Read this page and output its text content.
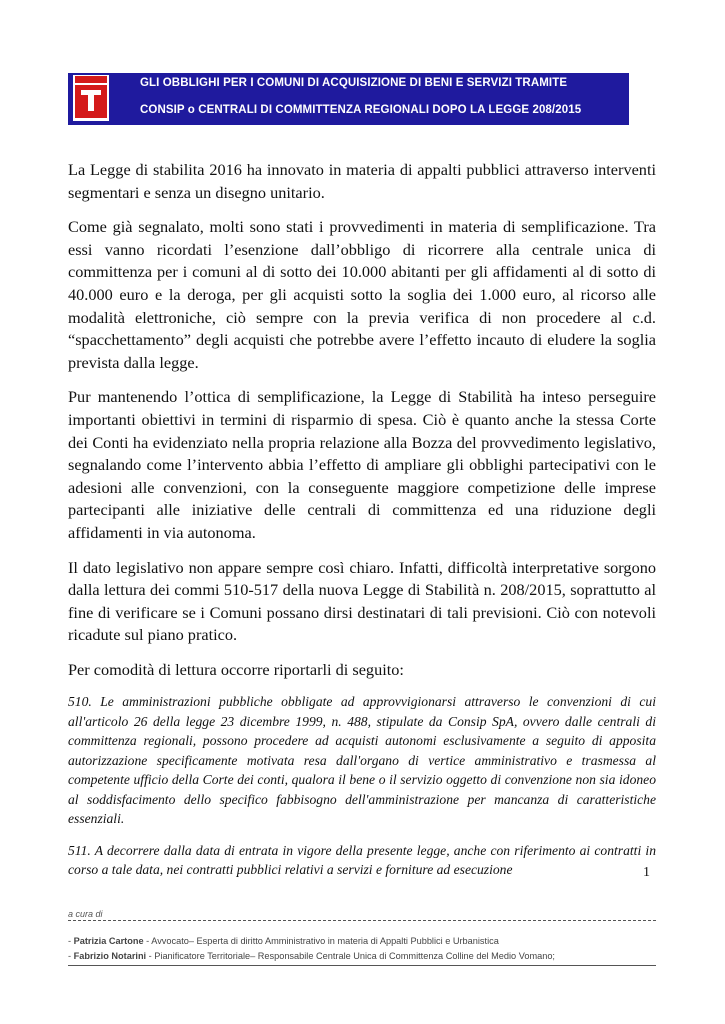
GLI OBBLIGHI PER I COMUNI DI ACQUISIZIONE DI BENI E SERVIZI TRAMITE
CONSIP o CENTRALI DI COMMITTENZA REGIONALI DOPO LA LEGGE 208/2015

La Legge di stabilita 2016 ha innovato in materia di appalti pubblici attraverso interventi segmentari e senza un disegno unitario.

Come già segnalato, molti sono stati i provvedimenti in materia di semplificazione. Tra essi vanno ricordati lʼesenzione dallʼobbligo di ricorrere alla centrale unica di committenza per i comuni al di sotto dei 10.000 abitanti per gli affidamenti al di sotto di 40.000 euro e la deroga, per gli acquisti sotto la soglia dei 1.000 euro, al ricorso alle modalità elettroniche, ciò sempre con la previa verifica di non procedere al c.d. “spacchettamento” degli acquisti che potrebbe avere lʼeffetto incauto di eludere la soglia prevista dalla legge.

Pur mantenendo lʼottica di semplificazione, la Legge di Stabilità ha inteso perseguire importanti obiettivi in termini di risparmio di spesa. Ciò è quanto anche la stessa Corte dei Conti ha evidenziato nella propria relazione alla Bozza del provvedimento legislativo, segnalando come lʼintervento abbia lʼeffetto di ampliare gli obblighi partecipativi con le adesioni alle convenzioni, con la conseguente maggiore competizione delle imprese partecipanti alle iniziative delle centrali di committenza ed una riduzione degli affidamenti in via autonoma.

Il dato legislativo non appare sempre così chiaro. Infatti, difficoltà interpretative sorgono dalla lettura dei commi 510-517 della nuova Legge di Stabilità n. 208/2015, soprattutto al fine di verificare se i Comuni possano dirsi destinatari di tali previsioni. Ciò con notevoli ricadute sul piano pratico.

Per comodità di lettura occorre riportarli di seguito:

510. Le amministrazioni pubbliche obbligate ad approvvigionarsi attraverso le convenzioni di cui all'articolo 26 della legge 23 dicembre 1999, n. 488, stipulate da Consip SpA, ovvero dalle centrali di committenza regionali, possono procedere ad acquisti autonomi esclusivamente a seguito di apposita autorizzazione specificamente motivata resa dall'organo di vertice amministrativo e trasmessa al competente ufficio della Corte dei conti, qualora il bene o il servizio oggetto di convenzione non sia idoneo al soddisfacimento dello specifico fabbisogno dell'amministrazione per mancanza di caratteristiche essenziali.

511. A decorrere dalla data di entrata in vigore della presente legge, anche con riferimento ai contratti in corso a tale data, nei contratti pubblici relativi a servizi e forniture ad esecuzione	1
a cura di
- Patrizia Cartone - Avvocato– Esperta di diritto Amministrativo in materia di Appalti Pubblici e Urbanistica
- Fabrizio Notarini - Pianificatore Territoriale– Responsabile Centrale Unica di Committenza Colline del Medio Vomano;
